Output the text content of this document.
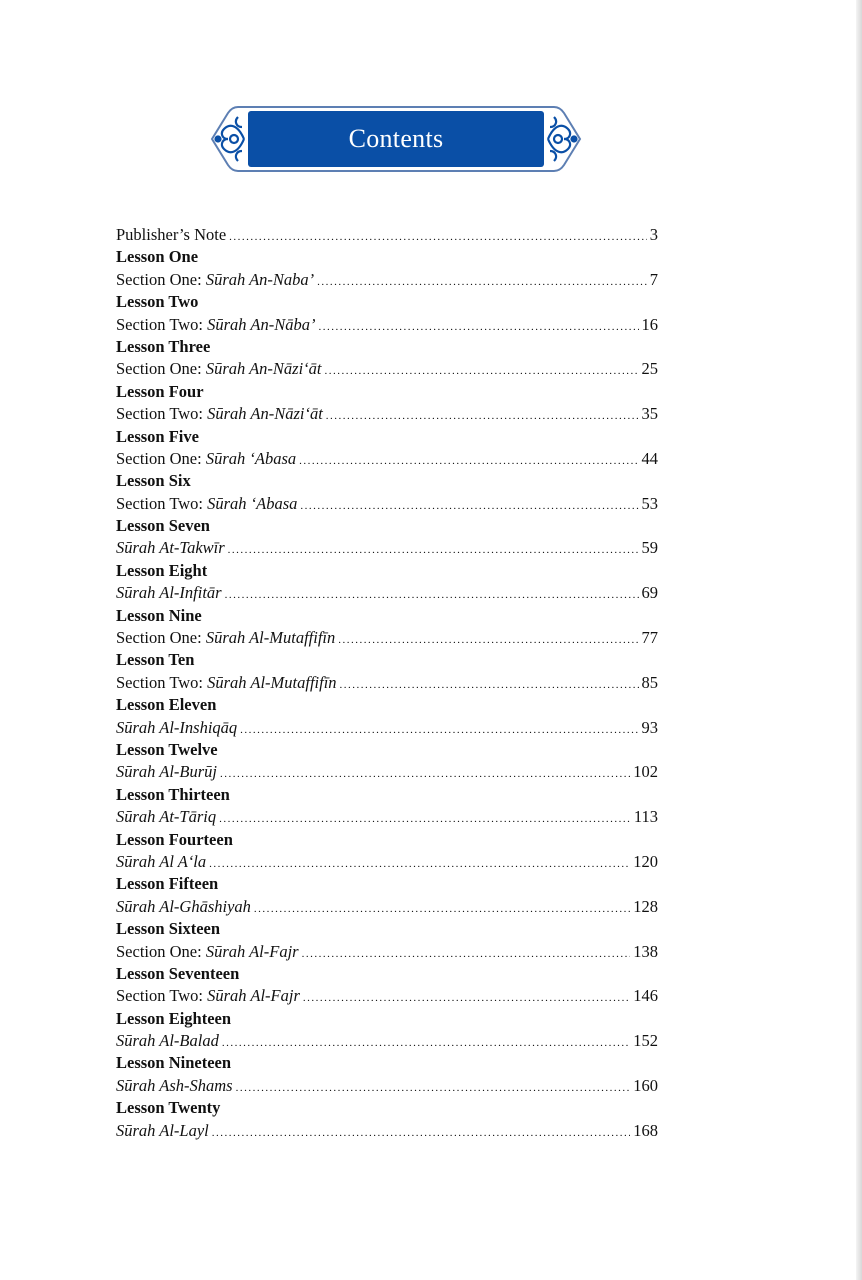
Contents
Publisher’s Note .....	3
Lesson One
Section One: Sūrah An-Naba’ .....	7
Lesson Two
Section Two: Sūrah An-Nāba’ .....	16
Lesson Three
Section One: Sūrah An-Nāzi‘āt .....	25
Lesson Four
Section Two: Sūrah An-Nāzi‘āt .....	35
Lesson Five
Section One: Sūrah ‘Abasa .....	44
Lesson Six
Section Two: Sūrah ‘Abasa .....	53
Lesson Seven
Sūrah At-Takwīr .....	59
Lesson Eight
Sūrah Al-Infitār .....	69
Lesson Nine
Section One: Sūrah Al-Mutaffifīn .....	77
Lesson Ten
Section Two: Sūrah Al-Mutaffifīn .....	85
Lesson Eleven
Sūrah Al-Inshiqāq .....	93
Lesson Twelve
Sūrah Al-Burūj .....	102
Lesson Thirteen
Sūrah At-Tāriq .....	113
Lesson Fourteen
Sūrah Al A‘la .....	120
Lesson Fifteen
Sūrah Al-Ghāshiyah .....	128
Lesson Sixteen
Section One: Sūrah Al-Fajr .....	138
Lesson Seventeen
Section Two: Sūrah Al-Fajr .....	146
Lesson Eighteen
Sūrah Al-Balad .....	152
Lesson Nineteen
Sūrah Ash-Shams .....	160
Lesson Twenty
Sūrah Al-Layl .....	168
